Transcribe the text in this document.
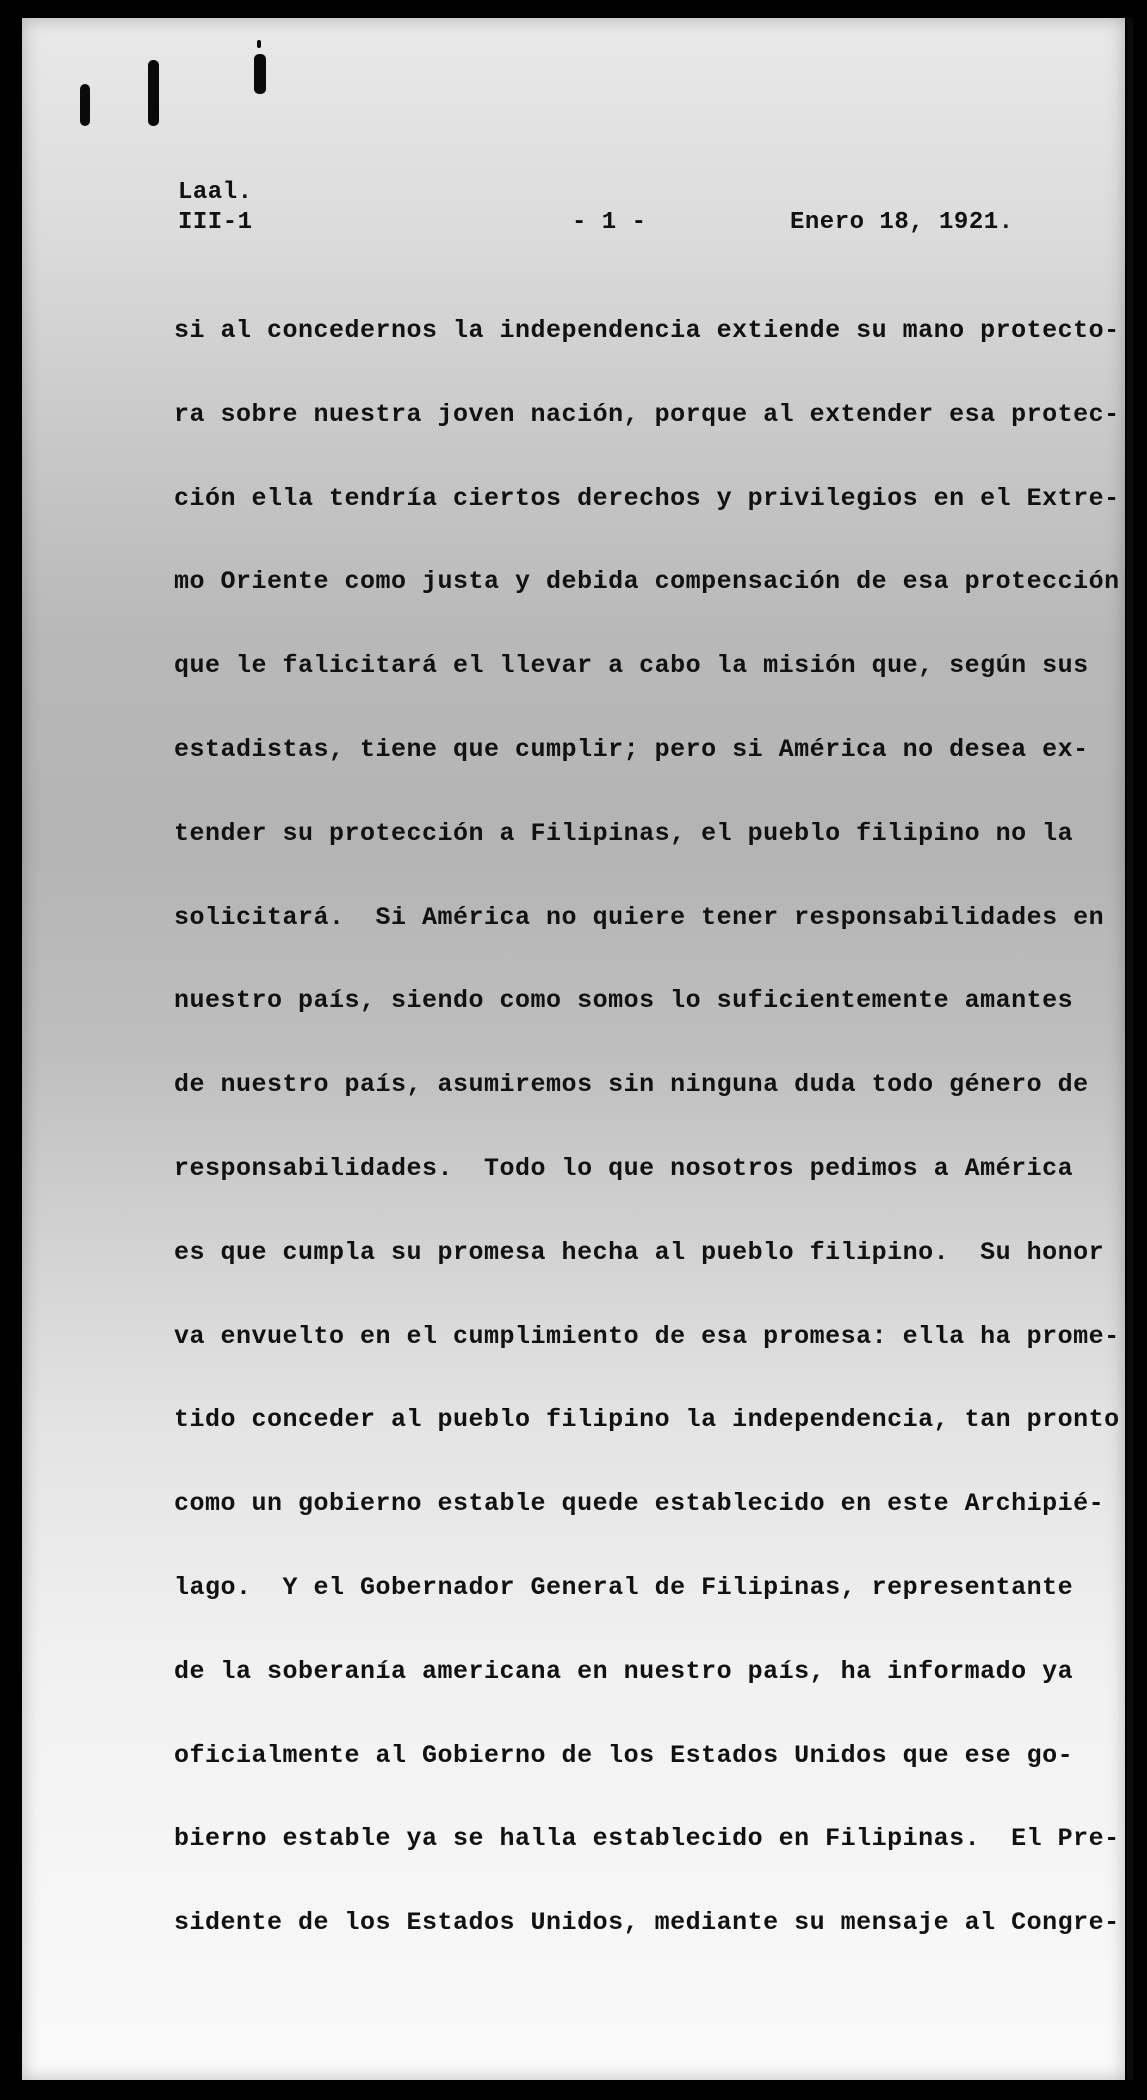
Laal.
III-1	- 1 -	Enero 18, 1921.
si al concedernos la independencia extiende su mano protecto-
ra sobre nuestra joven nación, porque al extender esa protec-
ción ella tendría ciertos derechos y privilegios en el Extre-
mo Oriente como justa y debida compensación de esa protección
que le falicitará el llevar a cabo la misión que, según sus
estadistas, tiene que cumplir; pero si América no desea ex-
tender su protección a Filipinas, el pueblo filipino no la
solicitará.  Si América no quiere tener responsabilidades en
nuestro país, siendo como somos lo suficientemente amantes
de nuestro país, asumiremos sin ninguna duda todo género de
responsabilidades.  Todo lo que nosotros pedimos a América
es que cumpla su promesa hecha al pueblo filipino.  Su honor
va envuelto en el cumplimiento de esa promesa: ella ha prome-
tido conceder al pueblo filipino la independencia, tan pronto
como un gobierno estable quede establecido en este Archipié-
lago.  Y el Gobernador General de Filipinas, representante
de la soberanía americana en nuestro país, ha informado ya
oficialmente al Gobierno de los Estados Unidos que ese go-
bierno estable ya se halla establecido en Filipinas.  El Pre-
sidente de los Estados Unidos, mediante su mensaje al Congre-
